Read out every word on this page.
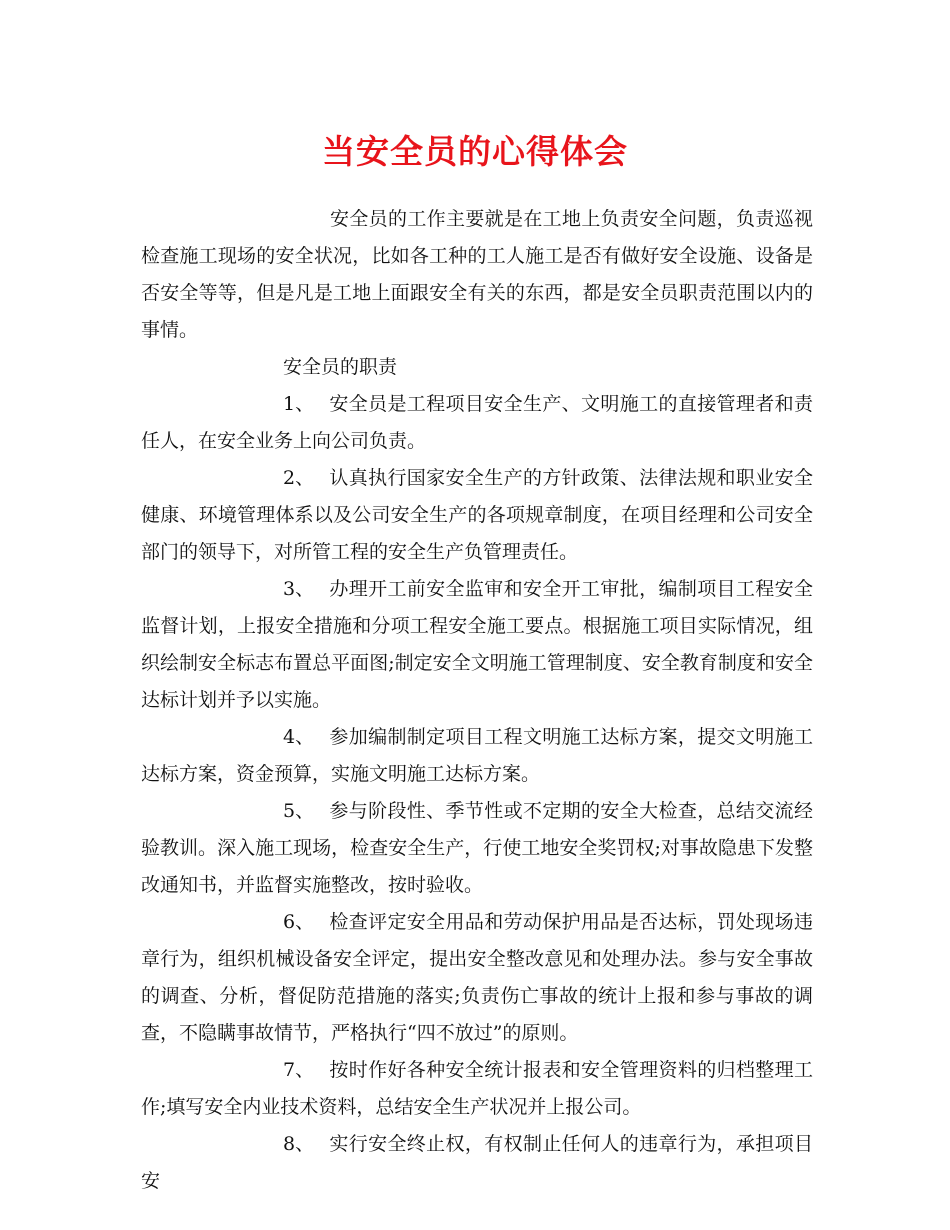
当安全员的心得体会

安全员的工作主要就是在工地上负责安全问题，负责巡视检查施工现场的安全状况，比如各工种的工人施工是否有做好安全设施、设备是否安全等等，但是凡是工地上面跟安全有关的东西，都是安全员职责范围以内的事情。

安全员的职责

1、 安全员是工程项目安全生产、文明施工的直接管理者和责任人，在安全业务上向公司负责。

2、 认真执行国家安全生产的方针政策、法律法规和职业安全健康、环境管理体系以及公司安全生产的各项规章制度，在项目经理和公司安全部门的领导下，对所管工程的安全生产负管理责任。

3、 办理开工前安全监审和安全开工审批，编制项目工程安全监督计划，上报安全措施和分项工程安全施工要点。根据施工项目实际情况，组织绘制安全标志布置总平面图;制定安全文明施工管理制度、安全教育制度和安全达标计划并予以实施。

4、 参加编制制定项目工程文明施工达标方案，提交文明施工达标方案，资金预算，实施文明施工达标方案。

5、 参与阶段性、季节性或不定期的安全大检查，总结交流经验教训。深入施工现场，检查安全生产，行使工地安全奖罚权;对事故隐患下发整改通知书，并监督实施整改，按时验收。

6、 检查评定安全用品和劳动保护用品是否达标，罚处现场违章行为，组织机械设备安全评定，提出安全整改意见和处理办法。参与安全事故的调查、分析，督促防范措施的落实;负责伤亡事故的统计上报和参与事故的调查，不隐瞒事故情节，严格执行“四不放过”的原则。

7、 按时作好各种安全统计报表和安全管理资料的归档整理工作;填写安全内业技术资料，总结安全生产状况并上报公司。

8、 实行安全终止权，有权制止任何人的违章行为，承担项目安
